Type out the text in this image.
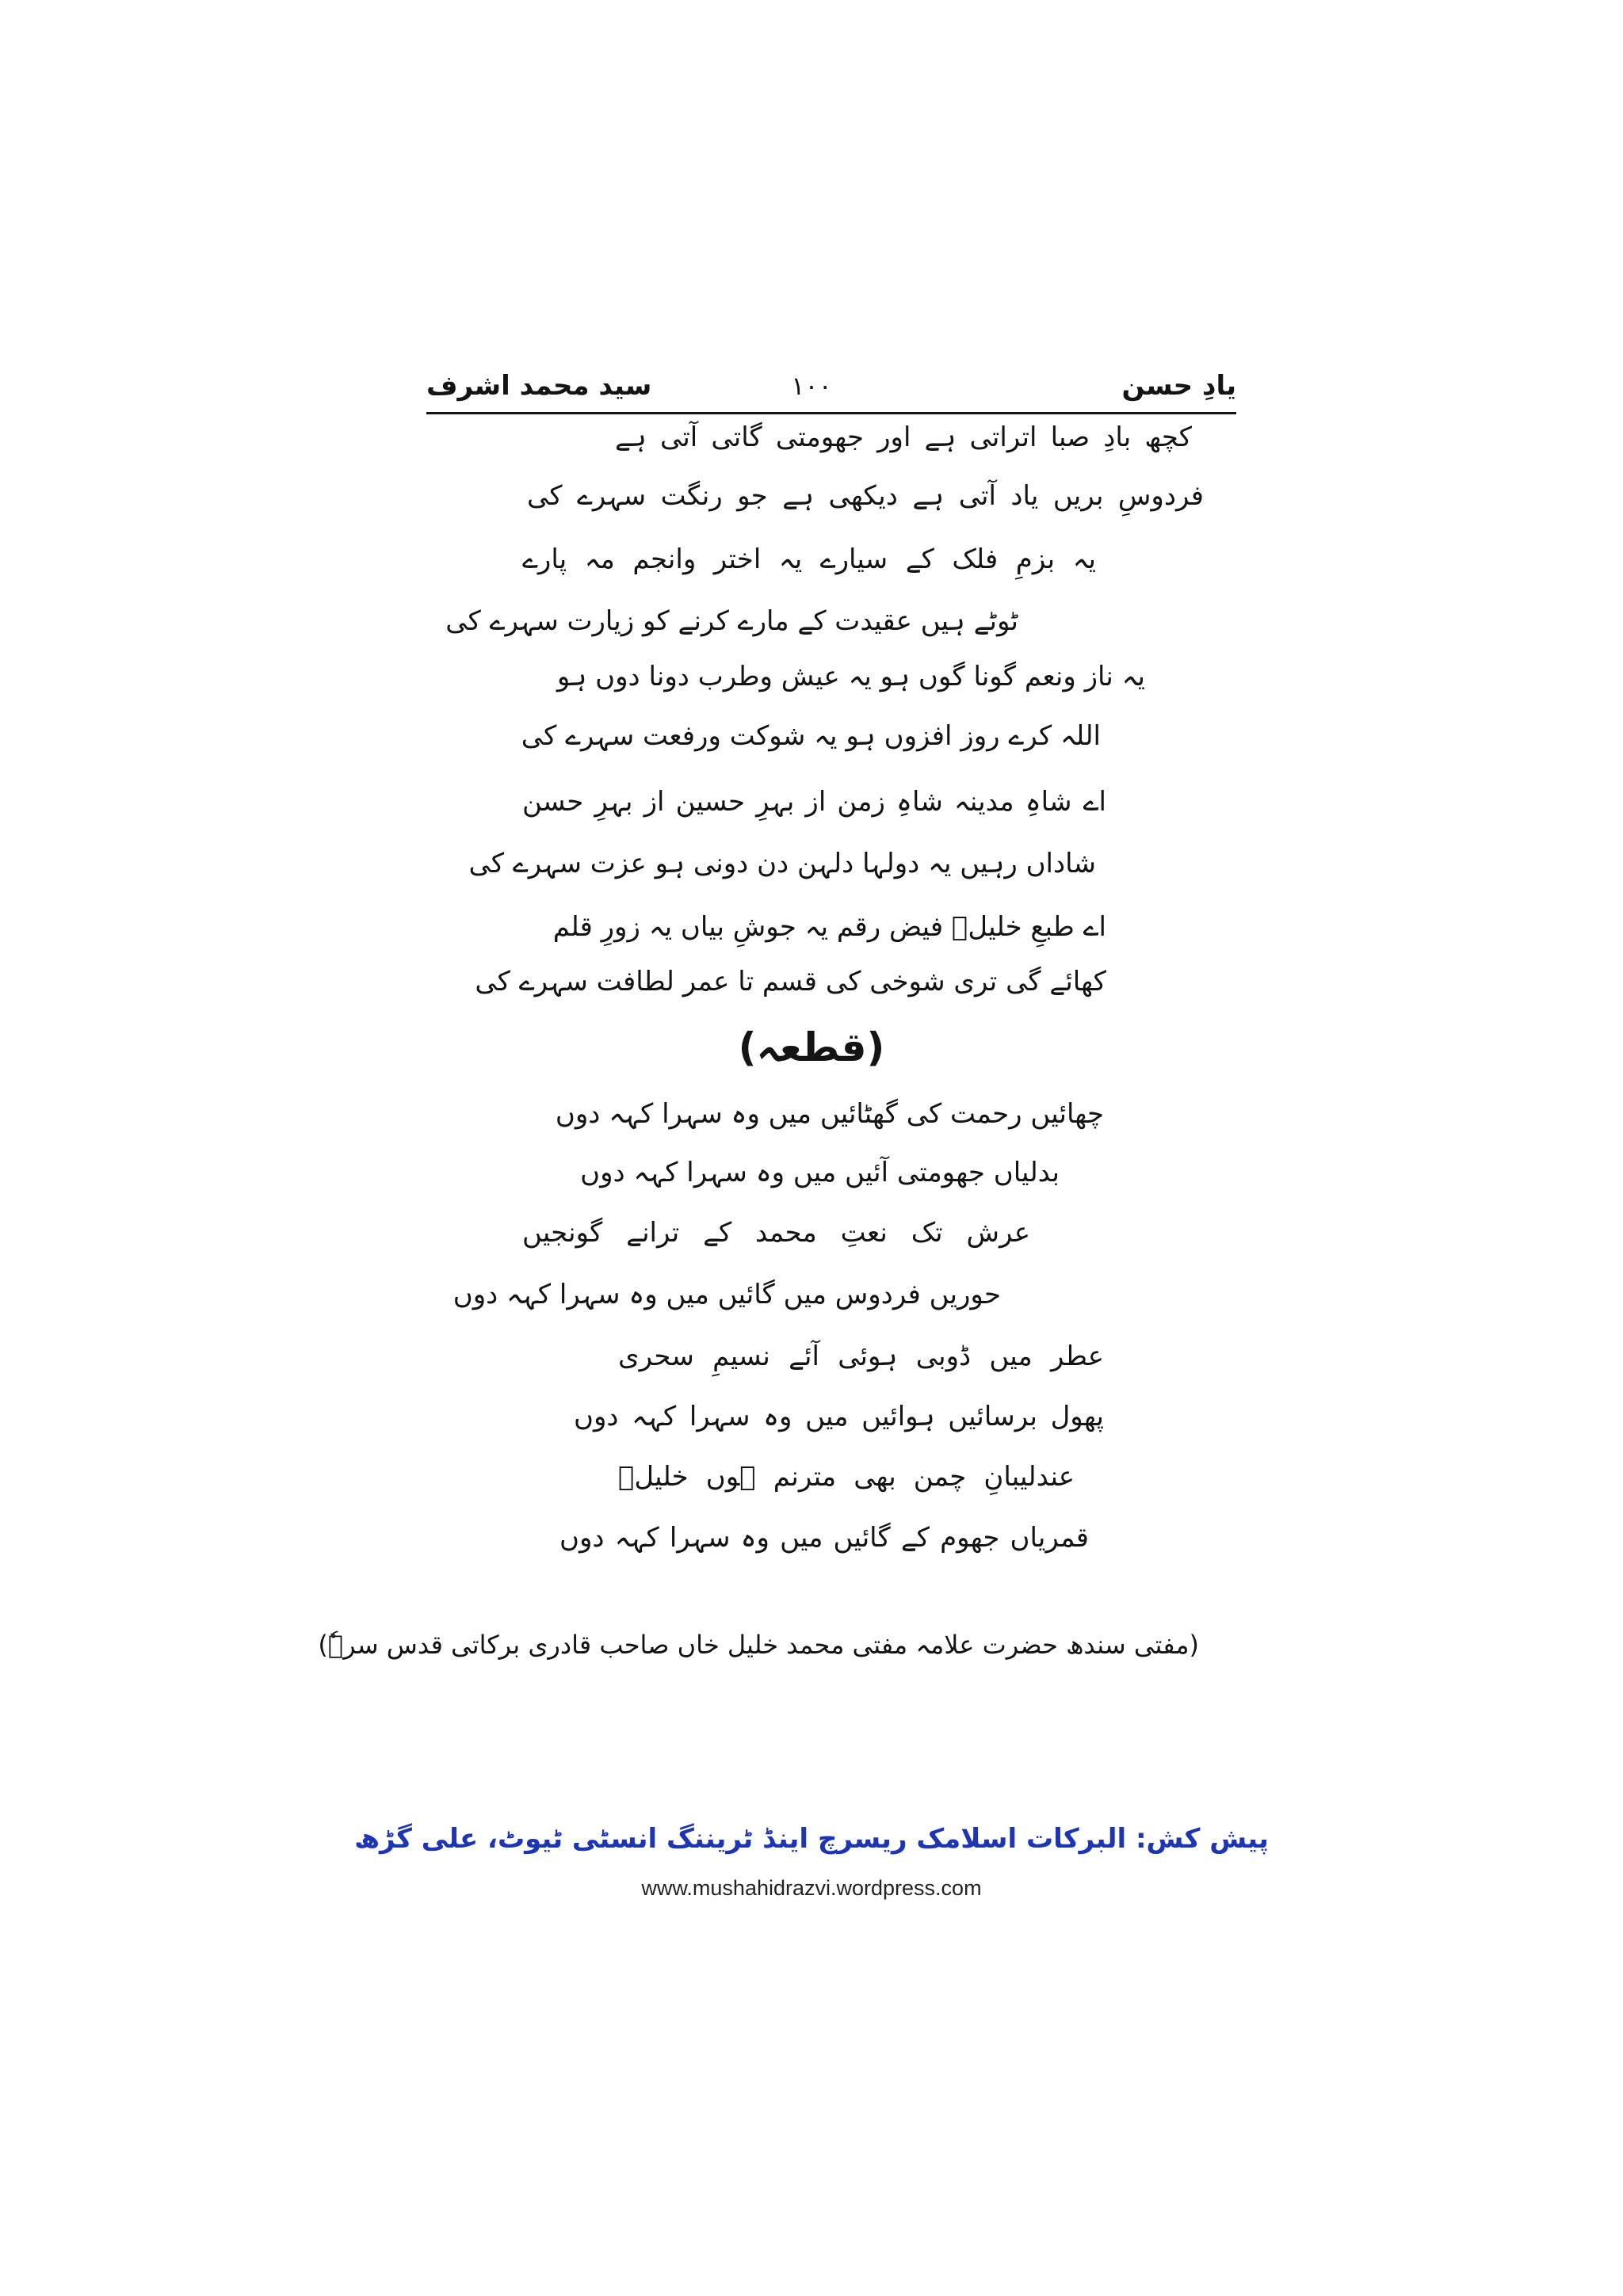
یادِ حسن
۱۰۰
سید محمد اشرف
کچھ بادِ صبا اتراتی ہے اور جھومتی گاتی آتی ہے
فردوسِ بریں یاد آتی ہے دیکھی ہے جو رنگت سہرے کی
یہ بزمِ فلک کے سیارے یہ اختر وانجم مہ پارے
ٹوٹے ہیں عقیدت کے مارے کرنے کو زیارت سہرے کی
یہ ناز ونعم گونا گوں ہو یہ عیش وطرب دونا دوں ہو
اللہ کرے روز افزوں ہو یہ شوکت ورفعت سہرے کی
اے شاہِ مدینہ شاہِ زمن از بہرِ حسین از بہرِ حسن
شاداں رہیں یہ دولہا دلہن دن دونی ہو عزت سہرے کی
اے طبعِ خلیلؔ فیض رقم یہ جوشِ بیاں یہ زورِ قلم
کھائے گی تری شوخی کی قسم تا عمر لطافت سہرے کی
(قطعہ)
چھائیں رحمت کی گھٹائیں میں وہ سہرا کہہ دوں
بدلیاں جھومتی آئیں میں وہ سہرا کہہ دوں
عرش تک نعتِ محمد کے ترانے گونجیں
حوریں فردوس میں گائیں میں وہ سہرا کہہ دوں
عطر میں ڈوبی ہوئی آئے نسیمِ سحری
پھول برسائیں ہوائیں میں وہ سہرا کہہ دوں
عندلیبانِ چمن بھی مترنم ہوں خلیلؔ
قمریاں جھوم کے گائیں میں وہ سہرا کہہ دوں
(مفتی سندھ حضرت علامہ مفتی محمد خلیل خاں صاحب قادری برکاتی قدس سرہٗ)
پیش کش: البرکات اسلامک ریسرچ اینڈ ٹریننگ انسٹی ٹیوٹ، علی گڑھ
www.mushahidrazvi.wordpress.com
